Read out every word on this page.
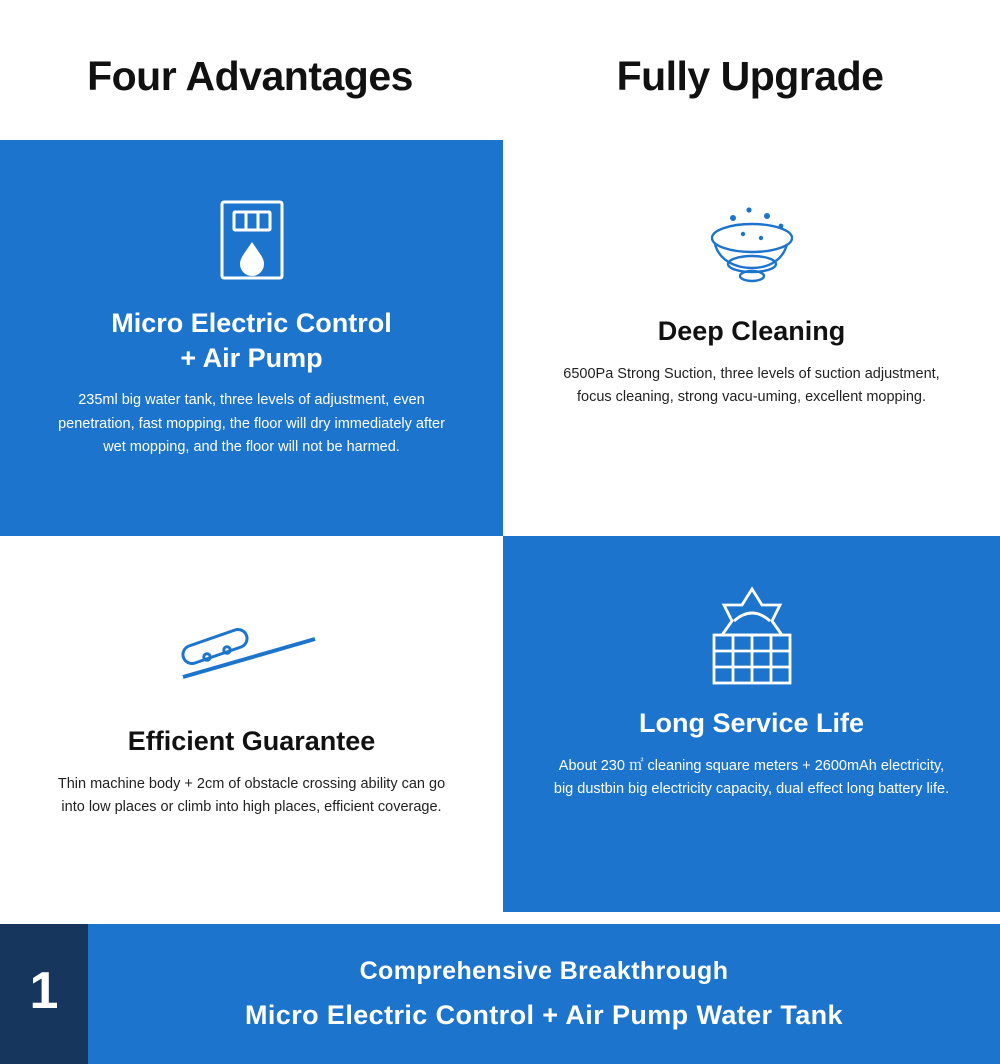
Four Advantages	Fully Upgrade
Micro Electric Control
+ Air Pump
235ml big water tank, three levels of adjustment, even penetration, fast mopping, the floor will dry immediately after wet mopping, and the floor will not be harmed.
Deep Cleaning
6500Pa Strong Suction, three levels of suction adjustment, focus cleaning, strong vacu-uming, excellent mopping.
Efficient Guarantee
Thin machine body + 2cm of obstacle crossing ability can go into low places or climb into high places, efficient coverage.
Long Service Life
About 230 ㎡ cleaning square meters + 2600mAh electricity, big dustbin big electricity capacity, dual effect long battery life.
1	Comprehensive Breakthrough
Micro Electric Control + Air Pump Water Tank
